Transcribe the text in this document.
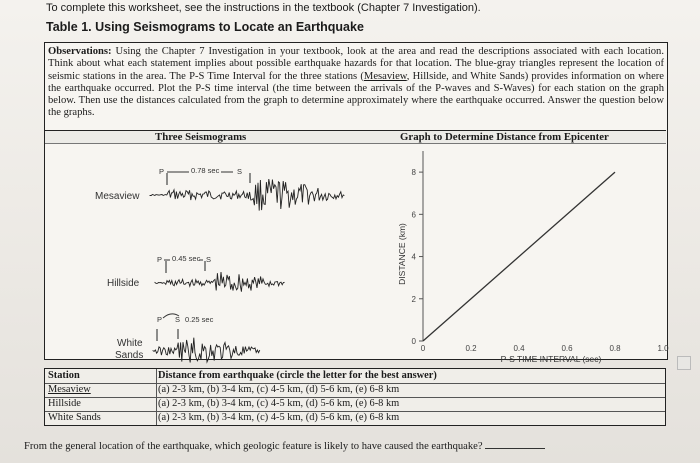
To complete this worksheet, see the instructions in the textbook (Chapter 7 Investigation).
Table 1. Using Seismograms to Locate an Earthquake
Observations: Using the Chapter 7 Investigation in your textbook, look at the area and read the descriptions associated with each location. Think about what each statement implies about possible earthquake hazards for that location. The blue-gray triangles represent the location of seismic stations in the area. The P-S Time Interval for the three stations (Mesaview, Hillside, and White Sands) provides information on where the earthquake occurred. Plot the P-S time interval (the time between the arrivals of the P-waves and S-Waves) for each station on the graph below. Then use the distances calculated from the graph to determine approximately where the earthquake occurred. Answer the question below the graphs.
Three Seismograms	Graph to Determine Distance from Epicenter
P	0.78 sec S
Mesaview
P 0.45 sec S
Hillside
P S 0.25 sec
White
Sands
0
2
4
6
8
0	0.2	0.4	0.6	0.8	1.0
DISTANCE (km)
P-S TIME INTERVAL (sec)
Station	Distance from earthquake (circle the letter for the best answer)
Mesaview	(a) 2-3 km, (b) 3-4 km, (c) 4-5 km, (d) 5-6 km, (e) 6-8 km
Hillside	(a) 2-3 km, (b) 3-4 km, (c) 4-5 km, (d) 5-6 km, (e) 6-8 km
White Sands	(a) 2-3 km, (b) 3-4 km, (c) 4-5 km, (d) 5-6 km, (e) 6-8 km
From the general location of the earthquake, which geologic feature is likely to have caused the earthquake?
